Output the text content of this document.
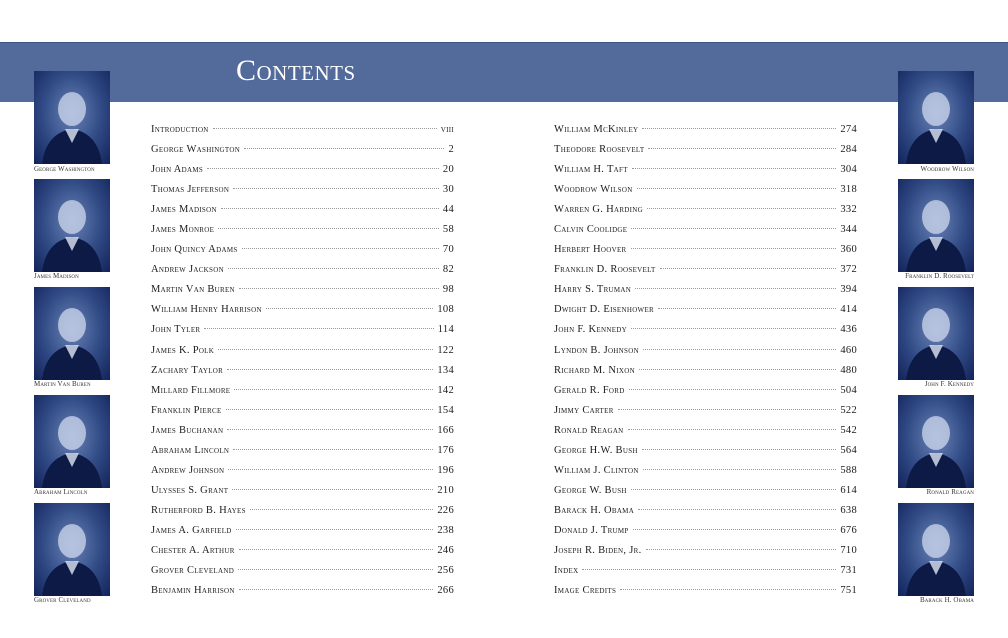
Contents
George Washington
James Madison
Martin Van Buren
Abraham Lincoln
Grover Cleveland
Woodrow Wilson
Franklin D. Roosevelt
John F. Kennedy
Ronald Reagan
Barack H. Obama
Introduction	viii
George Washington	2
John Adams	20
Thomas Jefferson	30
James Madison	44
James Monroe	58
John Quincy Adams	70
Andrew Jackson	82
Martin Van Buren	98
William Henry Harrison	108
John Tyler	114
James K. Polk	122
Zachary Taylor	134
Millard Fillmore	142
Franklin Pierce	154
James Buchanan	166
Abraham Lincoln	176
Andrew Johnson	196
Ulysses S. Grant	210
Rutherford B. Hayes	226
James A. Garfield	238
Chester A. Arthur	246
Grover Cleveland	256
Benjamin Harrison	266
William McKinley	274
Theodore Roosevelt	284
William H. Taft	304
Woodrow Wilson	318
Warren G. Harding	332
Calvin Coolidge	344
Herbert Hoover	360
Franklin D. Roosevelt	372
Harry S. Truman	394
Dwight D. Eisenhower	414
John F. Kennedy	436
Lyndon B. Johnson	460
Richard M. Nixon	480
Gerald R. Ford	504
Jimmy Carter	522
Ronald Reagan	542
George H.W. Bush	564
William J. Clinton	588
George W. Bush	614
Barack H. Obama	638
Donald J. Trump	676
Joseph R. Biden, Jr.	710
Index	731
Image Credits	751
